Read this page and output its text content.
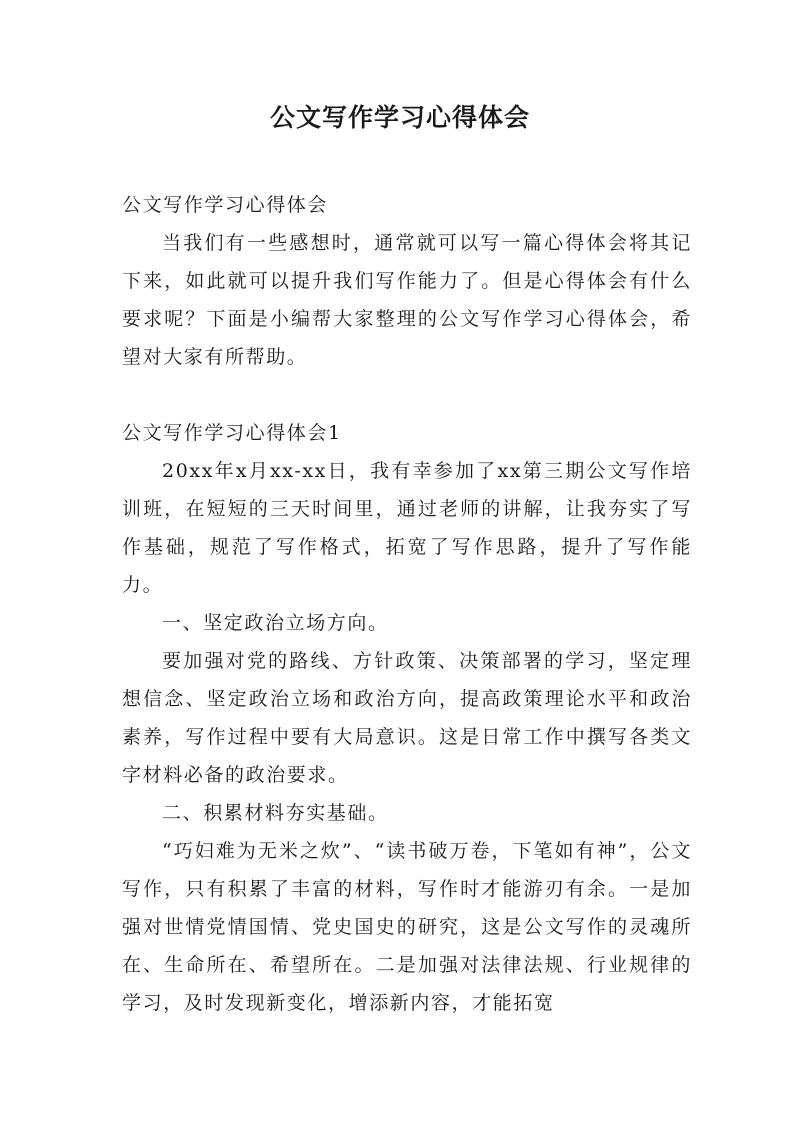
公文写作学习心得体会

公文写作学习心得体会

当我们有一些感想时，通常就可以写一篇心得体会将其记下来，如此就可以提升我们写作能力了。但是心得体会有什么要求呢？下面是小编帮大家整理的公文写作学习心得体会，希望对大家有所帮助。

公文写作学习心得体会1

20xx年x月xx-xx日，我有幸参加了xx第三期公文写作培训班，在短短的三天时间里，通过老师的讲解，让我夯实了写作基础，规范了写作格式，拓宽了写作思路，提升了写作能力。

一、坚定政治立场方向。

要加强对党的路线、方针政策、决策部署的学习，坚定理想信念、坚定政治立场和政治方向，提高政策理论水平和政治素养，写作过程中要有大局意识。这是日常工作中撰写各类文字材料必备的政治要求。

二、积累材料夯实基础。

“巧妇难为无米之炊”、“读书破万卷，下笔如有神”，公文写作，只有积累了丰富的材料，写作时才能游刃有余。一是加强对世情党情国情、党史国史的研究，这是公文写作的灵魂所在、生命所在、希望所在。二是加强对法律法规、行业规律的学习，及时发现新变化，增添新内容，才能拓宽
